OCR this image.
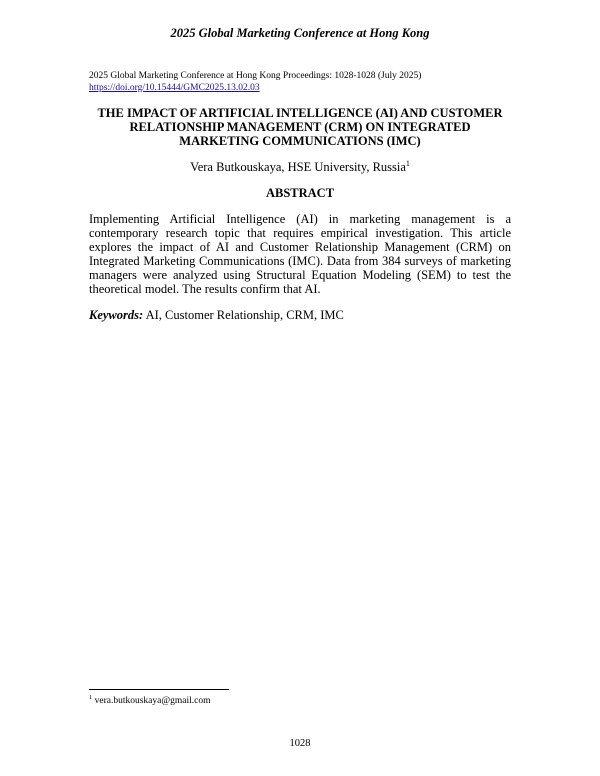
2025 Global Marketing Conference at Hong Kong
2025 Global Marketing Conference at Hong Kong Proceedings: 1028-1028 (July 2025)
https://doi.org/10.15444/GMC2025.13.02.03
THE IMPACT OF ARTIFICIAL INTELLIGENCE (AI) AND CUSTOMER RELATIONSHIP MANAGEMENT (CRM) ON INTEGRATED MARKETING COMMUNICATIONS (IMC)
Vera Butkouskaya, HSE University, Russia$^1$
ABSTRACT
Implementing Artificial Intelligence (AI) in marketing management is a contemporary research topic that requires empirical investigation. This article explores the impact of AI and Customer Relationship Management (CRM) on Integrated Marketing Communications (IMC). Data from 384 surveys of marketing managers were analyzed using Structural Equation Modeling (SEM) to test the theoretical model. The results confirm that AI.
Keywords: AI, Customer Relationship, CRM, IMC
$^1$ vera.butkouskaya@gmail.com
1028
